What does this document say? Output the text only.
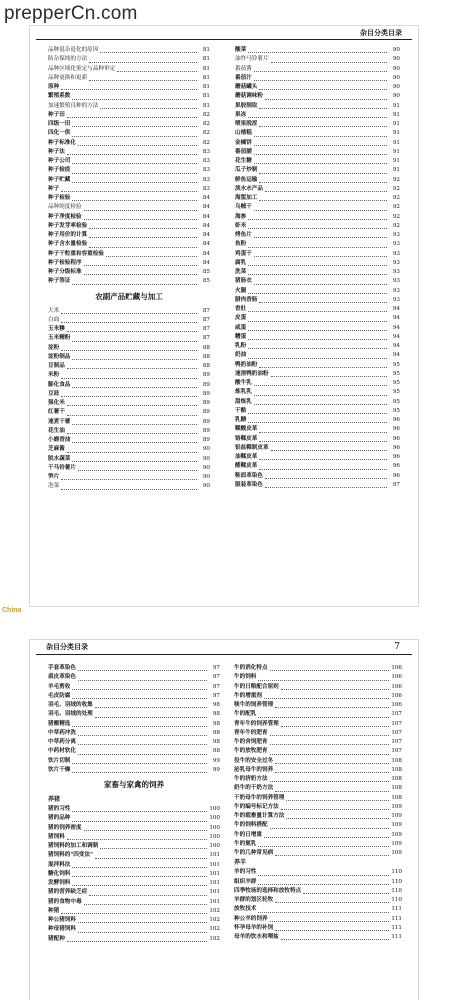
prepperCn.com
杂目分类目录
品种混杂退化的原因	81
防杂保纯的方法	81
品种区域化鉴定与品种审定	81
品种更换和更新	81
原种	81
繁殖系数	81
加速繁殖良种的方法	81
种子田	82
四级一田	82
四化一供	82
种子标准化	82
种子法	83
种子公司	83
种子检疫	83
种子贮藏	83
种子	83
种子检验	84
品种纯度检验	84
种子净度检验	84
种子发芽率检验	84
种子用价的计算	84
种子含水量检验	84
种子干粒重和容重检验	84
种子检验程序	84
种子分级标准	85
种子签证	85
农副产品贮藏与加工
大米	87
白面	87
玉米糁	87
玉米精粉	87
淀粉	88
淀粉制品	88
豆制品	88
米粉	89
膨化食品	89
豆豉	89
强化米	89
红薯干	89
速煮干薯	89
花生油	89
小磨香油	89
芝麻酱	90
脱水蔬菜	90
干马铃薯片	90
笋片	90
泡菜	90
酸菜	90
油炸马铃薯片	90
番茄酱	90
番茄汁	90
蘑菇罐头	90
蘑菇调味粉	90
果胶制取	91
果冻	91
喷果脱涩	91
山楂糕	91
金橘饼	91
番茄脯	91
花生糖	91
瓜子炒制	91
鲜鱼运输	92
淡水水产品	92
海蜇加工	92
乌贼干	92
海参	92
虾米	92
烤鱼片	93
鱼粉	93
鸡蛋干	93
腐乳	93
洗菜	93
猪肠衣	93
火腿	93
腊肉香肠	93
香肚	94
皮蛋	94
咸蛋	94
糟蛋	94
乳粉	94
奶油	94
鸭奶油粉	95
速溶鸭奶油粉	95
酸牛乳	95
炼乳乳	95
甜炼乳	95
干酪	95
乳糖	96
鞣酸皮革	96
铬鞣皮革	96
铝盐鞣制皮革	96
油鞣皮革	96
醛鞣皮革	96
鞋面革染色	96
服装革染色	97
China
杂目分类目录	7
手套革染色	97
裘皮革染色	97
羊毛剪收	97
毛皮防腐	97
羽毛、羽绒的收集	98
羽毛、羽绒的处理	98
猪鬃精选	98
中草药冲洗	98
中草药分离	98
中药材软化	98
饮片切制	99
饮片干燥	99
家畜与家禽的饲养
养猪
猪的习性	100
猪的品种	100
猪的饲养密度	100
猪饲料	100
猪饲料的加工和调制	100
猪饲料的"四变法"	101
混拌料法	101
糖化饲料	101
发酵饲料	101
猪的营养缺乏症	101
猪的食物中毒	101
种猪	102
种公猪饲料	102
种母猪饲料	102
猪配种	102
牛的消化特点	106
牛的饲料	106
牛的日粮配合原则	106
牛的增重剂	106
犊牛的饲养管理	106
牛的配乳	107
青年牛的饲养管理	107
青年牛的肥育	107
牛的舍饲肥育	107
牛的放牧肥育	107
役牛的安全过冬	108
泌乳母牛的饲养	108
牛的挤奶方法	108
奶牛的干奶方法	108
干奶母牛的饲养管理	108
牛的编号标记方法	109
牛的载畜量计算方法	109
牛的饲料搭配	109
牛的日增重	109
牛的氨乳	109
牛的几种常见病	109
养羊
羊的习性	110
组织羊群	110
四季牧场的选择和放牧特点	110
羊群的划区轮牧	110
放牧技术	111
种公羊的饲养	111
怀孕母羊的补饲	111
母羊的饮水和喂盐	111
